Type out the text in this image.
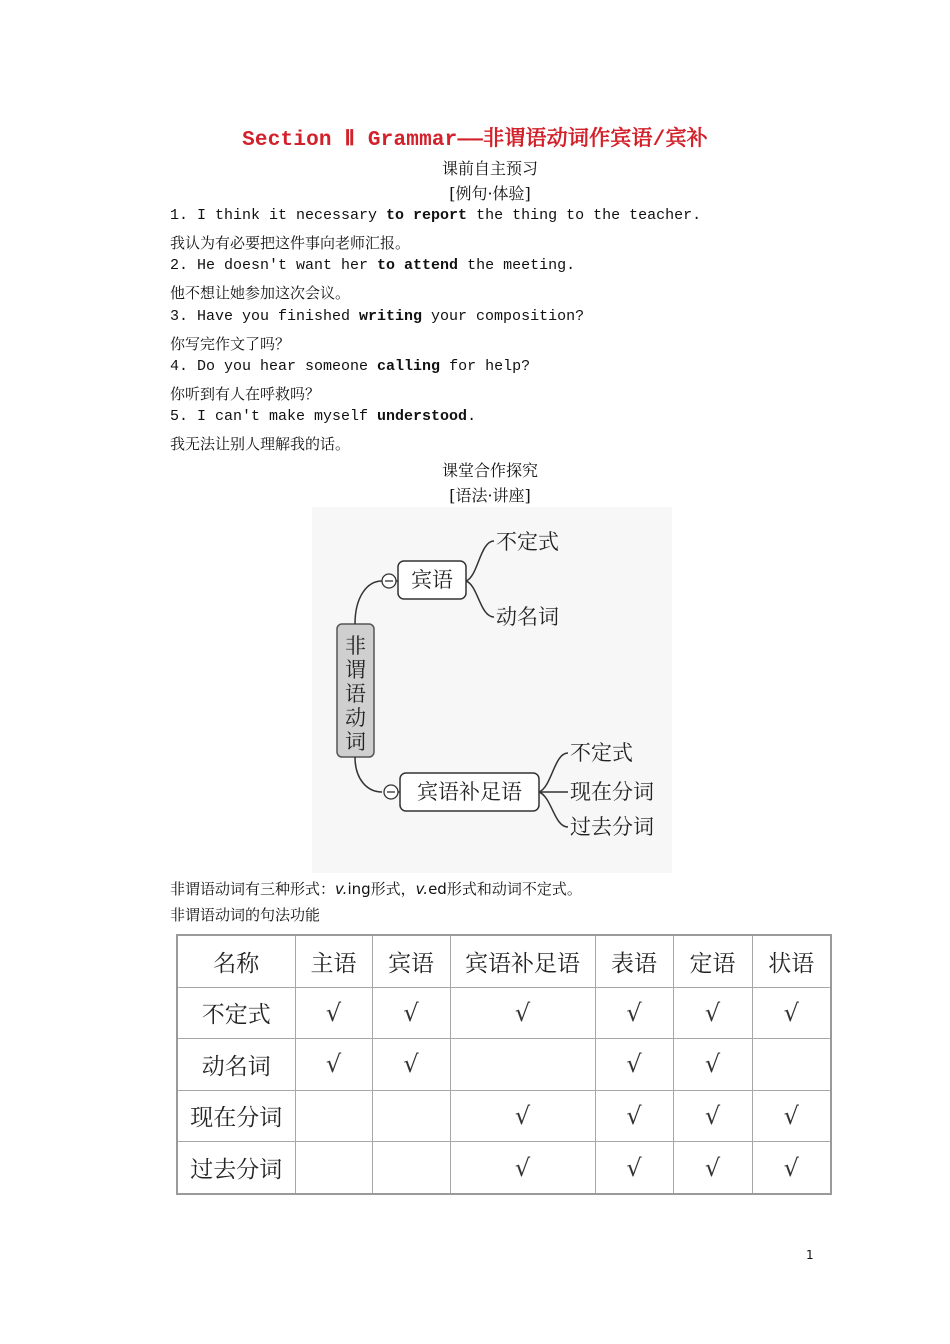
Section Ⅱ Grammar——非谓语动词作宾语/宾补
课前自主预习
[例句·体验]
1. I think it necessary to report the thing to the teacher.
我认为有必要把这件事向老师汇报。
2. He doesn't want her to attend the meeting.
他不想让她参加这次会议。
3. Have you finished writing your composition?
你写完作文了吗？
4. Do you hear someone calling for help?
你听到有人在呼救吗？
5. I can't make myself understood.
我无法让别人理解我的话。
课堂合作探究
[语法·讲座]
非
谓
语
动
词
宾语
不定式
动名词
宾语补足语
不定式
现在分词
过去分词
非谓语动词有三种形式：v.ing形式，v.ed形式和动词不定式。
非谓语动词的句法功能
名称	主语	宾语	宾语补足语	表语	定语	状语
不定式	√	√	√	√	√	√
动名词	√	√		√	√	
现在分词			√	√	√	√
过去分词			√	√	√	√
1
